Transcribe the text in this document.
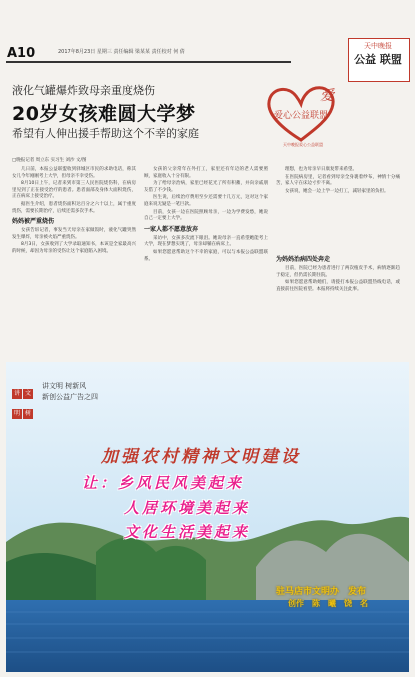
A10	2017年8月23日 星期三 责任编辑 梁某某 责任校对 何 倩
天中晚报
公益 联盟
液化气罐爆炸致母亲重度烧伤
20岁女孩难圆大学梦
希望有人伸出援手帮助这个不幸的家庭
爱心公益联盟
爱
天中晚报爱心公益联盟
□晚报记者 周立东 实习生 刘沙 文/图

几日前，本报公益联盟收到驿城区市民的求助电话，称其女儿今年刚刚考上大学，但母亲不幸受伤。

8月10日上午，记者来到市第三人民医院烧伤科，在病房里见到了正在接受治疗的患者。患者面部及身体大面积烧伤，正在病床上接受治疗。

据医生介绍，患者烧伤面积达百分之六十以上，属于重度烧伤，需要长期治疗，后续还需多次手术。

妈妈被严重烧伤

女孩告诉记者，事发当天母亲在家做饭时，液化气罐突然发生爆炸，母亲被火焰严重烧伤。

8月3日，女孩收到了大学录取通知书，本该是全家最高兴的时候，却因为母亲的受伤让这个家庭陷入困境。

女孩的父亲常年在外打工，家里还有年迈的老人需要照顾，家庭收入十分有限。

为了给母亲治病，家里已经花光了所有积蓄，并向亲戚朋友借了不少钱。

医生说，后续治疗费用至少还需要十几万元，这对这个家庭来说无疑是一笔巨款。

目前，女孩一边在医院照顾母亲，一边为学费发愁，她说自己一定要上大学。

一家人都不愿意放弃

采访中，女孩多次流下眼泪。她说母亲一直希望她能考上大学，现在梦想实现了，母亲却躺在病床上。

如果您愿意帮助这个不幸的家庭，可以与本报公益联盟联系。

理想，也为母亲早日康复带来希望。

在医院病房里，记者看到母亲全身裹着纱布，神情十分痛苦，家人守在床边寸步不离。

女孩说，她会一边上学一边打工，减轻家里的负担。

为妈妈治病四处奔走

目前，医院已经为患者进行了两次植皮手术，病情逐渐趋于稳定，但仍需长期住院。

如果您愿意帮助她们，请拨打本报公益联盟热线电话，或直接前往医院看望。本报将持续关注此事。

讲 文
明 树
讲文明 树新风
新创公益广告之四
加强农村精神文明建设
让：乡风民风美起来
人居环境美起来
文化生活美起来
驻马店市文明办　发布
创作　陈　曦　饶　名
